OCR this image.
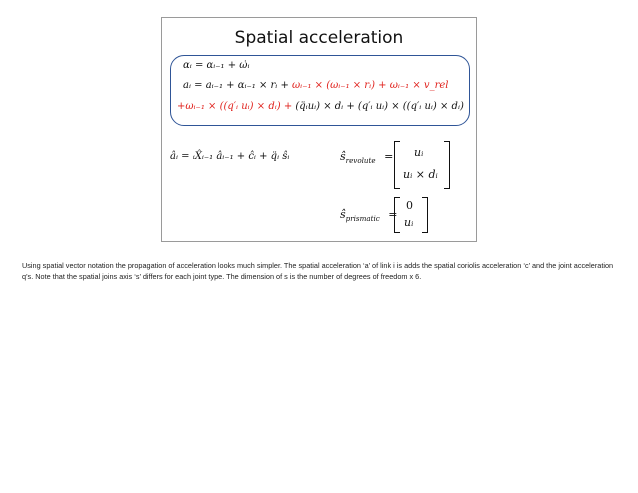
Spatial acceleration
αᵢ = αᵢ₋₁ + ω̇ᵢ
aᵢ = aᵢ₋₁ + αᵢ₋₁ × rᵢ + ωᵢ₋₁ × (ωᵢ₋₁ × rᵢ) + ωᵢ₋₁ × v_rel
+ωᵢ₋₁ × ((q′ᵢ uᵢ) × dᵢ) + (q̈ᵢuᵢ) × dᵢ + (q′ᵢ uᵢ) × ((q′ᵢ uᵢ) × dᵢ)
âᵢ = ᵢX̂ᵢ₋₁ âᵢ₋₁ + ĉᵢ + q̈ᵢ ŝᵢ	$ŝ_{revolute}$ = uᵢ
uᵢ × dᵢ
$ŝ_{prismatic}$ =
0
uᵢ
Using spatial vector notation the propagation of acceleration looks much simpler. The spatial acceleration ‘a’ of link i is adds the spatial coriolis acceleration ‘c’ and the joint acceleration q’s. Note that the spatial joins axis ‘s’ differs for each joint type. The dimension of s is the number of degrees of freedom x 6.
